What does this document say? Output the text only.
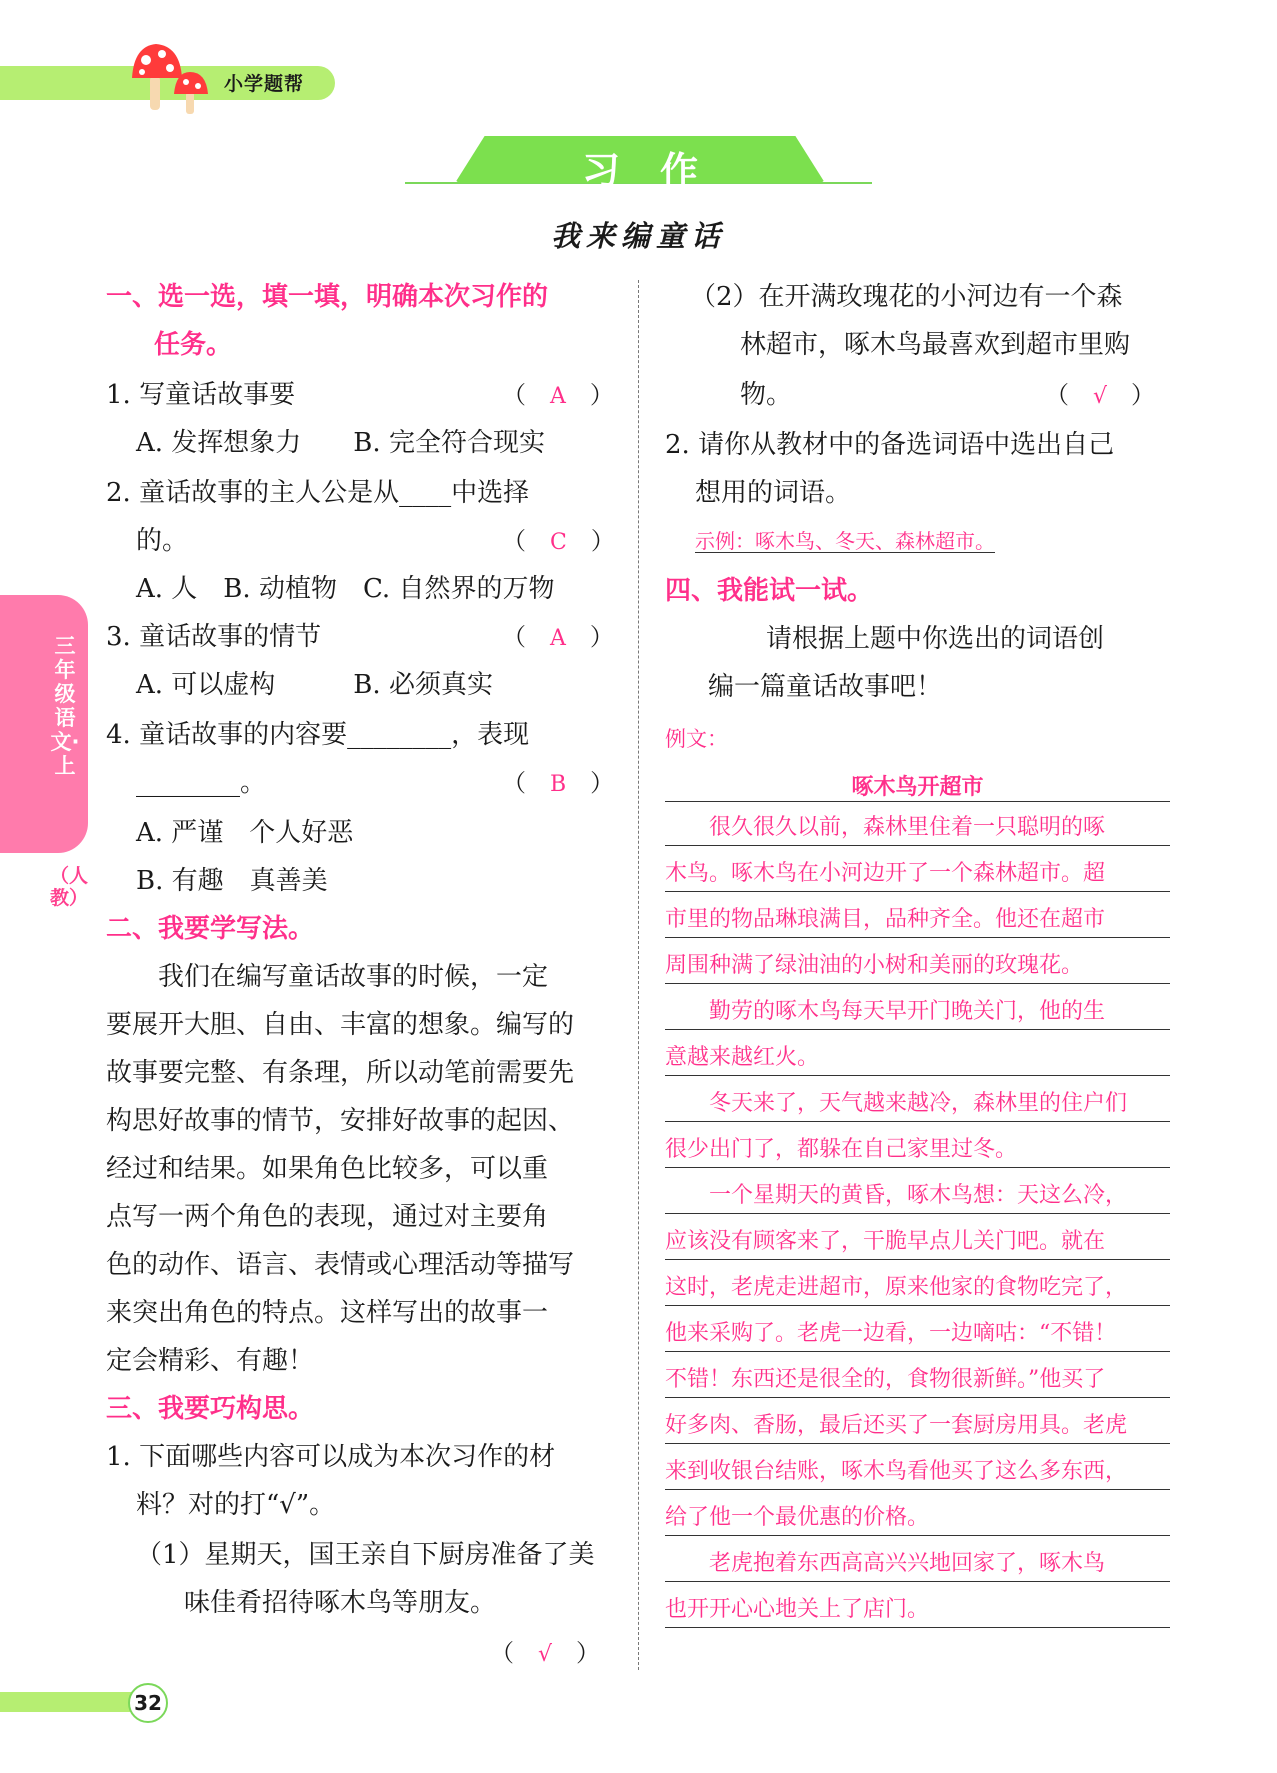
小学题帮
习作
我来编童话
三年级语文·上
（人教）
一、选一选，填一填，明确本次习作的
任务。
1. 写童话故事要	（　A　）
A. 发挥想象力　　B. 完全符合现实
2. 童话故事的主人公是从____中选择
的。	（　C　）
A. 人　B. 动植物　C. 自然界的万物
3. 童话故事的情节	（　A　）
A. 可以虚构　　　B. 必须真实
4. 童话故事的内容要________，表现
________。	（　B　）
A. 严谨　个人好恶
B. 有趣　真善美
二、我要学写法。
　　我们在编写童话故事的时候，一定
要展开大胆、自由、丰富的想象。编写的
故事要完整、有条理，所以动笔前需要先
构思好故事的情节，安排好故事的起因、
经过和结果。如果角色比较多，可以重
点写一两个角色的表现，通过对主要角
色的动作、语言、表情或心理活动等描写
来突出角色的特点。这样写出的故事一
定会精彩、有趣！
三、我要巧构思。
1. 下面哪些内容可以成为本次习作的材
料？对的打“√”。
（1）星期天，国王亲自下厨房准备了美
味佳肴招待啄木鸟等朋友。
（　√　）
（2）在开满玫瑰花的小河边有一个森
林超市，啄木鸟最喜欢到超市里购
物。	（　√　）
2. 请你从教材中的备选词语中选出自己
想用的词语。
示例：啄木鸟、冬天、森林超市。
四、我能试一试。
请根据上题中你选出的词语创
编一篇童话故事吧！
例文：
啄木鸟开超市
　　很久很久以前，森林里住着一只聪明的啄
木鸟。啄木鸟在小河边开了一个森林超市。超
市里的物品琳琅满目，品种齐全。他还在超市
周围种满了绿油油的小树和美丽的玫瑰花。
　　勤劳的啄木鸟每天早开门晚关门，他的生
意越来越红火。
　　冬天来了，天气越来越冷，森林里的住户们
很少出门了，都躲在自己家里过冬。
　　一个星期天的黄昏，啄木鸟想：天这么冷，
应该没有顾客来了，干脆早点儿关门吧。就在
这时，老虎走进超市，原来他家的食物吃完了，
他来采购了。老虎一边看，一边嘀咕：“不错！
不错！东西还是很全的，食物很新鲜。”他买了
好多肉、香肠，最后还买了一套厨房用具。老虎
来到收银台结账，啄木鸟看他买了这么多东西，
给了他一个最优惠的价格。
　　老虎抱着东西高高兴兴地回家了，啄木鸟
也开开心心地关上了店门。
32
